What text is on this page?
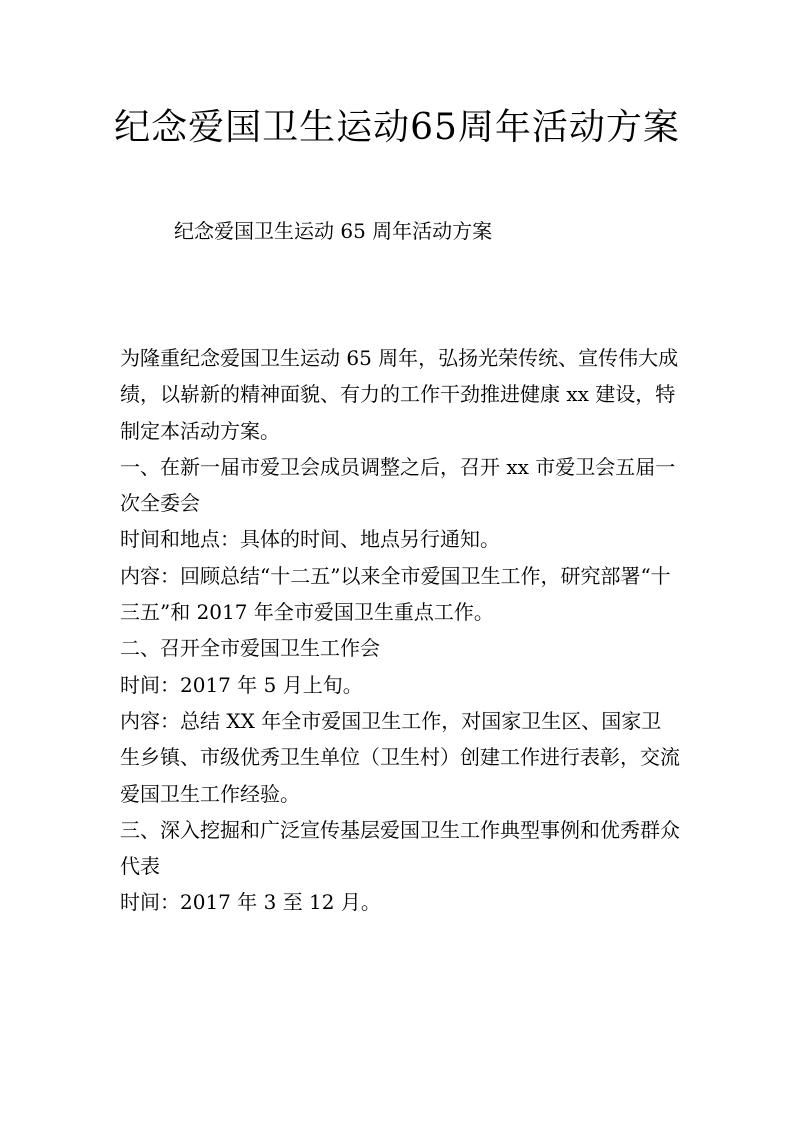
纪念爱国卫生运动65周年活动方案

纪念爱国卫生运动 65 周年活动方案

为隆重纪念爱国卫生运动 65 周年，弘扬光荣传统、宣传伟大成绩，以崭新的精神面貌、有力的工作干劲推进健康 xx 建设，特制定本活动方案。

一、在新一届市爱卫会成员调整之后，召开 xx 市爱卫会五届一次全委会

时间和地点：具体的时间、地点另行通知。

内容：回顾总结“十二五”以来全市爱国卫生工作，研究部署“十三五”和 2017 年全市爱国卫生重点工作。

二、召开全市爱国卫生工作会

时间：2017 年 5 月上旬。

内容：总结 XX 年全市爱国卫生工作，对国家卫生区、国家卫生乡镇、市级优秀卫生单位（卫生村）创建工作进行表彰，交流爱国卫生工作经验。

三、深入挖掘和广泛宣传基层爱国卫生工作典型事例和优秀群众代表

时间：2017 年 3 至 12 月。
